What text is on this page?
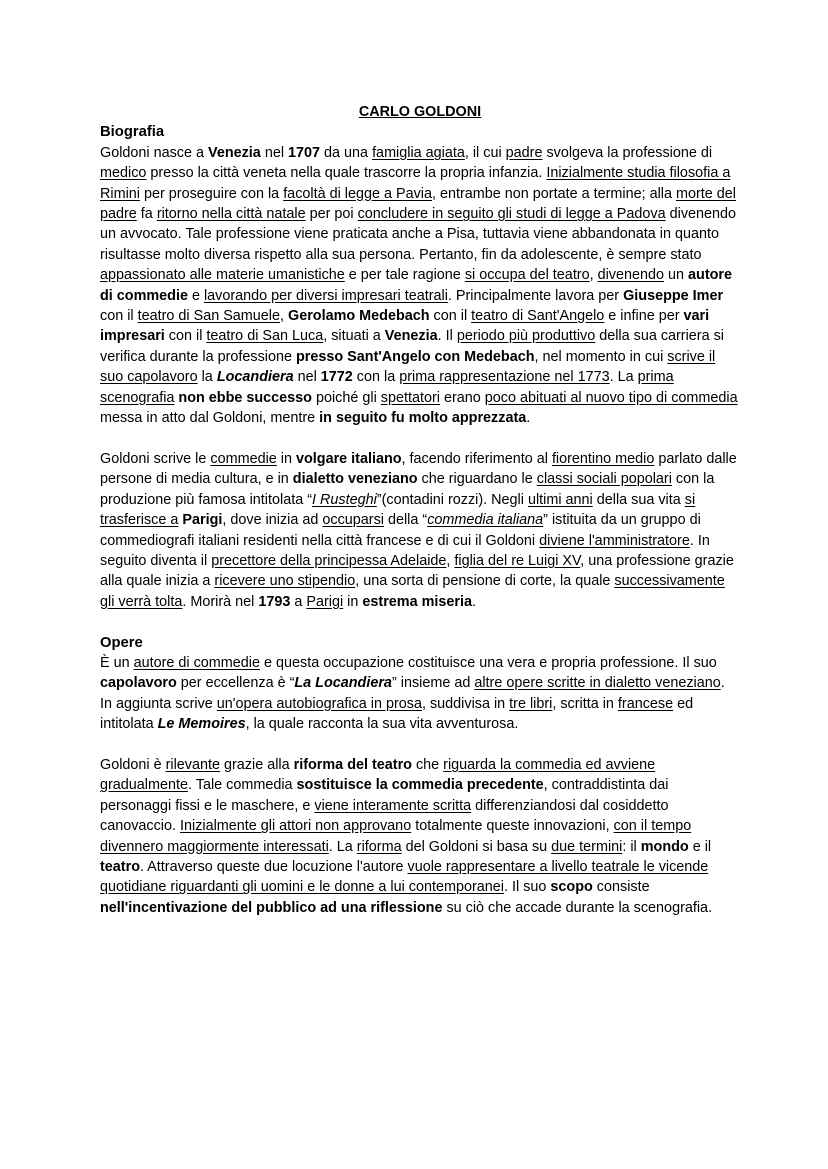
CARLO GOLDONI

Biografia

Goldoni nasce a Venezia nel 1707 da una famiglia agiata, il cui padre svolgeva la professione di medico presso la città veneta nella quale trascorre la propria infanzia. Inizialmente studia filosofia a Rimini per proseguire con la facoltà di legge a Pavia, entrambe non portate a termine; alla morte del padre fa ritorno nella città natale per poi concludere in seguito gli studi di legge a Padova divenendo un avvocato. Tale professione viene praticata anche a Pisa, tuttavia viene abbandonata in quanto risultasse molto diversa rispetto alla sua persona. Pertanto, fin da adolescente, è sempre stato appassionato alle materie umanistiche e per tale ragione si occupa del teatro, divenendo un autore di commedie e lavorando per diversi impresari teatrali. Principalmente lavora per Giuseppe Imer con il teatro di San Samuele, Gerolamo Medebach con il teatro di Sant'Angelo e infine per vari impresari con il teatro di San Luca, situati a Venezia. Il periodo più produttivo della sua carriera si verifica durante la professione presso Sant'Angelo con Medebach, nel momento in cui scrive il suo capolavoro la Locandiera nel 1772 con la prima rappresentazione nel 1773. La prima scenografia non ebbe successo poiché gli spettatori erano poco abituati al nuovo tipo di commedia messa in atto dal Goldoni, mentre in seguito fu molto apprezzata.

Goldoni scrive le commedie in volgare italiano, facendo riferimento al fiorentino medio parlato dalle persone di media cultura, e in dialetto veneziano che riguardano le classi sociali popolari con la produzione più famosa intitolata “I Rusteghi”(contadini rozzi). Negli ultimi anni della sua vita si trasferisce a Parigi, dove inizia ad occuparsi della “commedia italiana” istituita da un gruppo di commediografi italiani residenti nella città francese e di cui il Goldoni diviene l'amministratore. In seguito diventa il precettore della principessa Adelaide, figlia del re Luigi XV, una professione grazie alla quale inizia a ricevere uno stipendio, una sorta di pensione di corte, la quale successivamente gli verrà tolta. Morirà nel 1793 a Parigi in estrema miseria.

Opere

È un autore di commedie e questa occupazione costituisce una vera e propria professione. Il suo capolavoro per eccellenza è “La Locandiera” insieme ad altre opere scritte in dialetto veneziano. In aggiunta scrive un'opera autobiografica in prosa, suddivisa in tre libri, scritta in francese ed intitolata Le Memoires, la quale racconta la sua vita avventurosa.

Goldoni è rilevante grazie alla riforma del teatro che riguarda la commedia ed avviene gradualmente. Tale commedia sostituisce la commedia precedente, contraddistinta dai personaggi fissi e le maschere, e viene interamente scritta differenziandosi dal cosiddetto canovaccio. Inizialmente gli attori non approvano totalmente queste innovazioni, con il tempo divennero maggiormente interessati. La riforma del Goldoni si basa su due termini: il mondo e il teatro. Attraverso queste due locuzione l'autore vuole rappresentare a livello teatrale le vicende quotidiane riguardanti gli uomini e le donne a lui contemporanei. Il suo scopo consiste nell'incentivazione del pubblico ad una riflessione su ciò che accade durante la scenografia.
